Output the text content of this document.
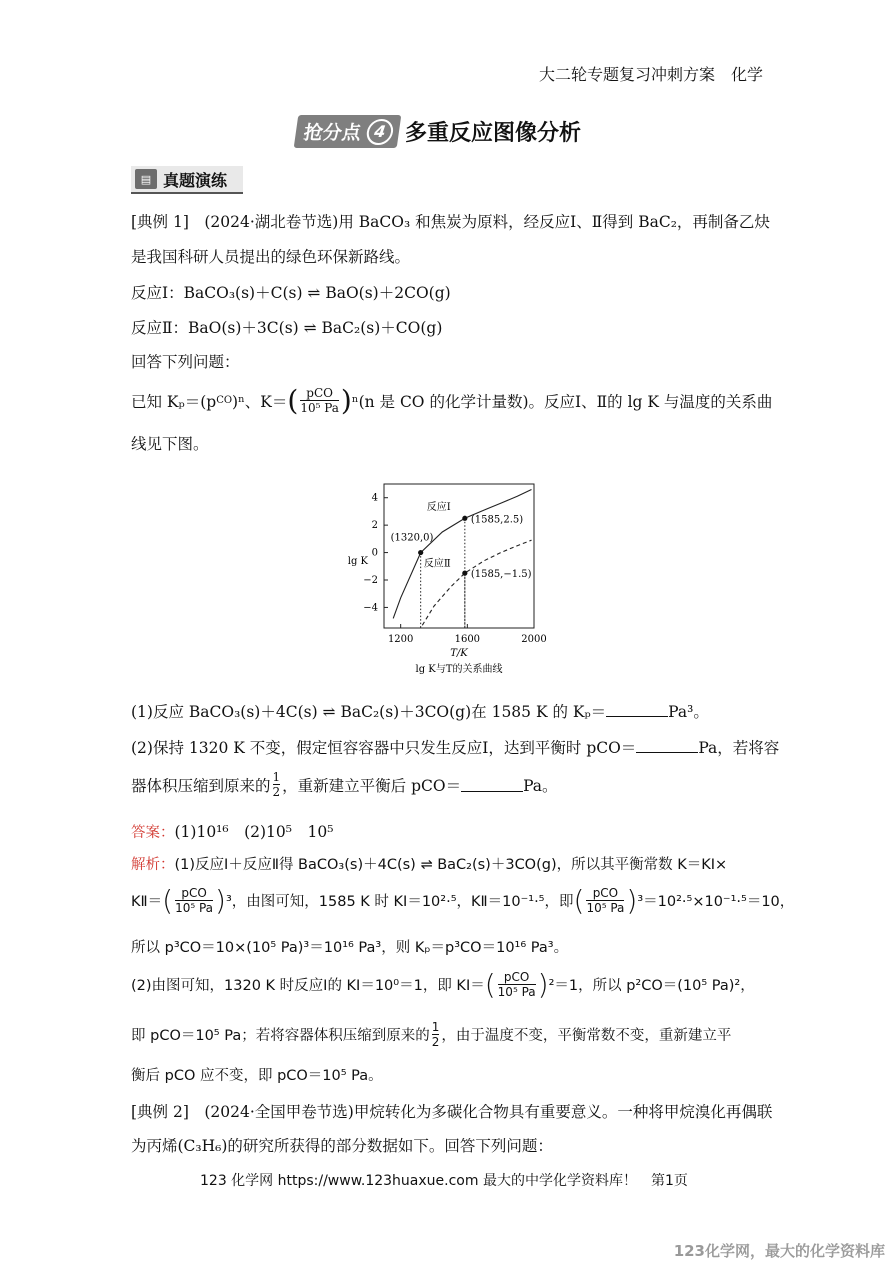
大二轮专题复习冲刺方案　化学
抢分点 4 多重反应图像分析
▤ 真题演练
[典例 1]　(2024·湖北卷节选)用 BaCO₃ 和焦炭为原料，经反应Ⅰ、Ⅱ得到 BaC₂，再制备乙炔
是我国科研人员提出的绿色环保新路线。
反应Ⅰ：BaCO₃(s)＋C(s) ⇌ BaO(s)＋2CO(g)
反应Ⅱ：BaO(s)＋3C(s) ⇌ BaC₂(s)＋CO(g)
回答下列问题：
已知 Kₚ＝(p CO )ⁿ、K＝ ( $\frac{\text{pCO}}{\text{10⁵ Pa}}$ ) ⁿ(n 是 CO 的化学计量数)。反应Ⅰ、Ⅱ的 lg K 与温度的关系曲
线见下图。
1200	1600	2000
4
2
0
−2
−4
T/K
lg K
lg K与T的关系曲线
反应Ⅰ
反应Ⅱ
(1320,0)
(1585,2.5)
(1585,−1.5)
(1)反应 BaCO₃(s)＋4C(s) ⇌ BaC₂(s)＋3CO(g)在 1585 K 的 Kₚ＝	Pa³。
(2)保持 1320 K 不变，假定恒容容器中只发生反应Ⅰ，达到平衡时 pCO＝	Pa，若将容
器体积压缩到原来的 $\frac{1}{2}$ ，重新建立平衡后 pCO＝	Pa。
答案：(1)10¹⁶　(2)10⁵　10⁵
解析：(1)反应Ⅰ＋反应Ⅱ得 BaCO₃(s)＋4C(s) ⇌ BaC₂(s)＋3CO(g)，所以其平衡常数 K＝KⅠ×
KⅡ＝ ( $\frac{\text{pCO}}{\text{10⁵ Pa}}$ ) ³，由图可知，1585 K 时 KⅠ＝10²·⁵，KⅡ＝10⁻¹·⁵，即 ( $\frac{\text{pCO}}{\text{10⁵ Pa}}$ ) ³＝10²·⁵×10⁻¹·⁵＝10，
所以 p³CO＝10×(10⁵ Pa)³＝10¹⁶ Pa³，则 Kₚ＝p³CO＝10¹⁶ Pa³。
(2)由图可知，1320 K 时反应Ⅰ的 KⅠ＝10⁰＝1，即 KⅠ＝ ( $\frac{\text{pCO}}{\text{10⁵ Pa}}$ ) ²＝1，所以 p²CO＝(10⁵ Pa)²，
即 pCO＝10⁵ Pa；若将容器体积压缩到原来的 $\frac{1}{2}$ ，由于温度不变，平衡常数不变，重新建立平
衡后 pCO 应不变，即 pCO＝10⁵ Pa。
[典例 2]　(2024·全国甲卷节选)甲烷转化为多碳化合物具有重要意义。一种将甲烷溴化再偶联
为丙烯(C₃H₆)的研究所获得的部分数据如下。回答下列问题：
123 化学网 https://www.123huaxue.com 最大的中学化学资料库！　第1页
123化学网，最大的化学资料库
